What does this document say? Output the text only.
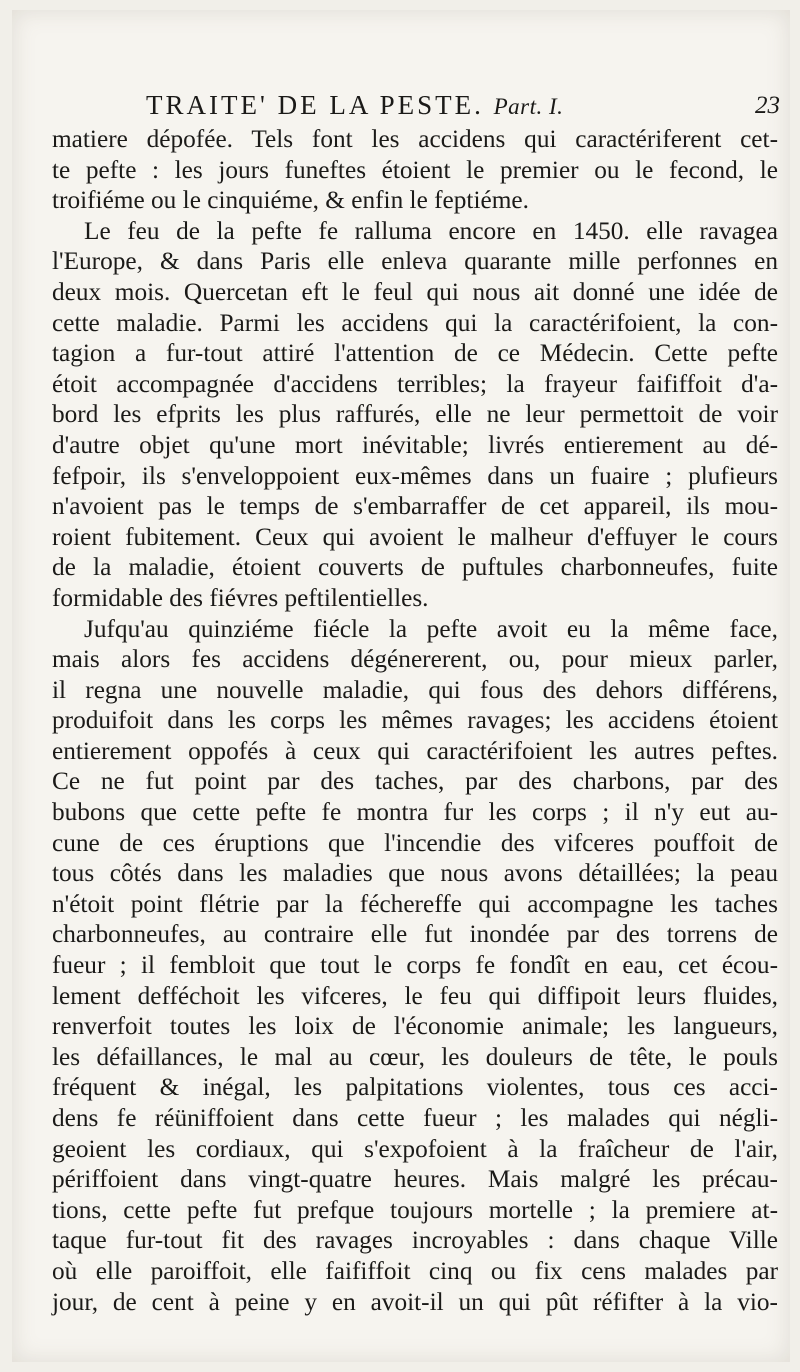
TRAITE' DE LA PESTE. Part. I.	23

matiere dépofée. Tels font les accidens qui caractériferent cet-

te pefte : les jours funeftes étoient le premier ou le fecond, le

troifiéme ou le cinquiéme, & enfin le feptiéme.

Le feu de la pefte fe ralluma encore en 1450. elle ravagea

l'Europe, & dans Paris elle enleva quarante mille perfonnes en

deux mois. Quercetan eft le feul qui nous ait donné une idée de

cette maladie. Parmi les accidens qui la caractérifoient, la con-

tagion a fur-tout attiré l'attention de ce Médecin. Cette pefte

étoit accompagnée d'accidens terribles; la frayeur faififfoit d'a-

bord les efprits les plus raffurés, elle ne leur permettoit de voir

d'autre objet qu'une mort inévitable; livrés entierement au dé-

fefpoir, ils s'enveloppoient eux-mêmes dans un fuaire ; plufieurs

n'avoient pas le temps de s'embarraffer de cet appareil, ils mou-

roient fubitement. Ceux qui avoient le malheur d'effuyer le cours

de la maladie, étoient couverts de puftules charbonneufes, fuite

formidable des fiévres peftilentielles.

Jufqu'au quinziéme fiécle la pefte avoit eu la même face,

mais alors fes accidens dégénererent, ou, pour mieux parler,

il regna une nouvelle maladie, qui fous des dehors différens,

produifoit dans les corps les mêmes ravages; les accidens étoient

entierement oppofés à ceux qui caractérifoient les autres peftes.

Ce ne fut point par des taches, par des charbons, par des

bubons que cette pefte fe montra fur les corps ; il n'y eut au-

cune de ces éruptions que l'incendie des vifceres pouffoit de

tous côtés dans les maladies que nous avons détaillées; la peau

n'étoit point flétrie par la féchereffe qui accompagne les taches

charbonneufes, au contraire elle fut inondée par des torrens de

fueur ; il fembloit que tout le corps fe fondît en eau, cet écou-

lement defféchoit les vifceres, le feu qui diffipoit leurs fluides,

renverfoit toutes les loix de l'économie animale; les langueurs,

les défaillances, le mal au cœur, les douleurs de tête, le pouls

fréquent & inégal, les palpitations violentes, tous ces acci-

dens fe réüniffoient dans cette fueur ; les malades qui négli-

geoient les cordiaux, qui s'expofoient à la fraîcheur de l'air,

périffoient dans vingt-quatre heures. Mais malgré les précau-

tions, cette pefte fut prefque toujours mortelle ; la premiere at-

taque fur-tout fit des ravages incroyables : dans chaque Ville

où elle paroiffoit, elle faififfoit cinq ou fix cens malades par

jour, de cent à peine y en avoit-il un qui pût réfifter à la vio-
